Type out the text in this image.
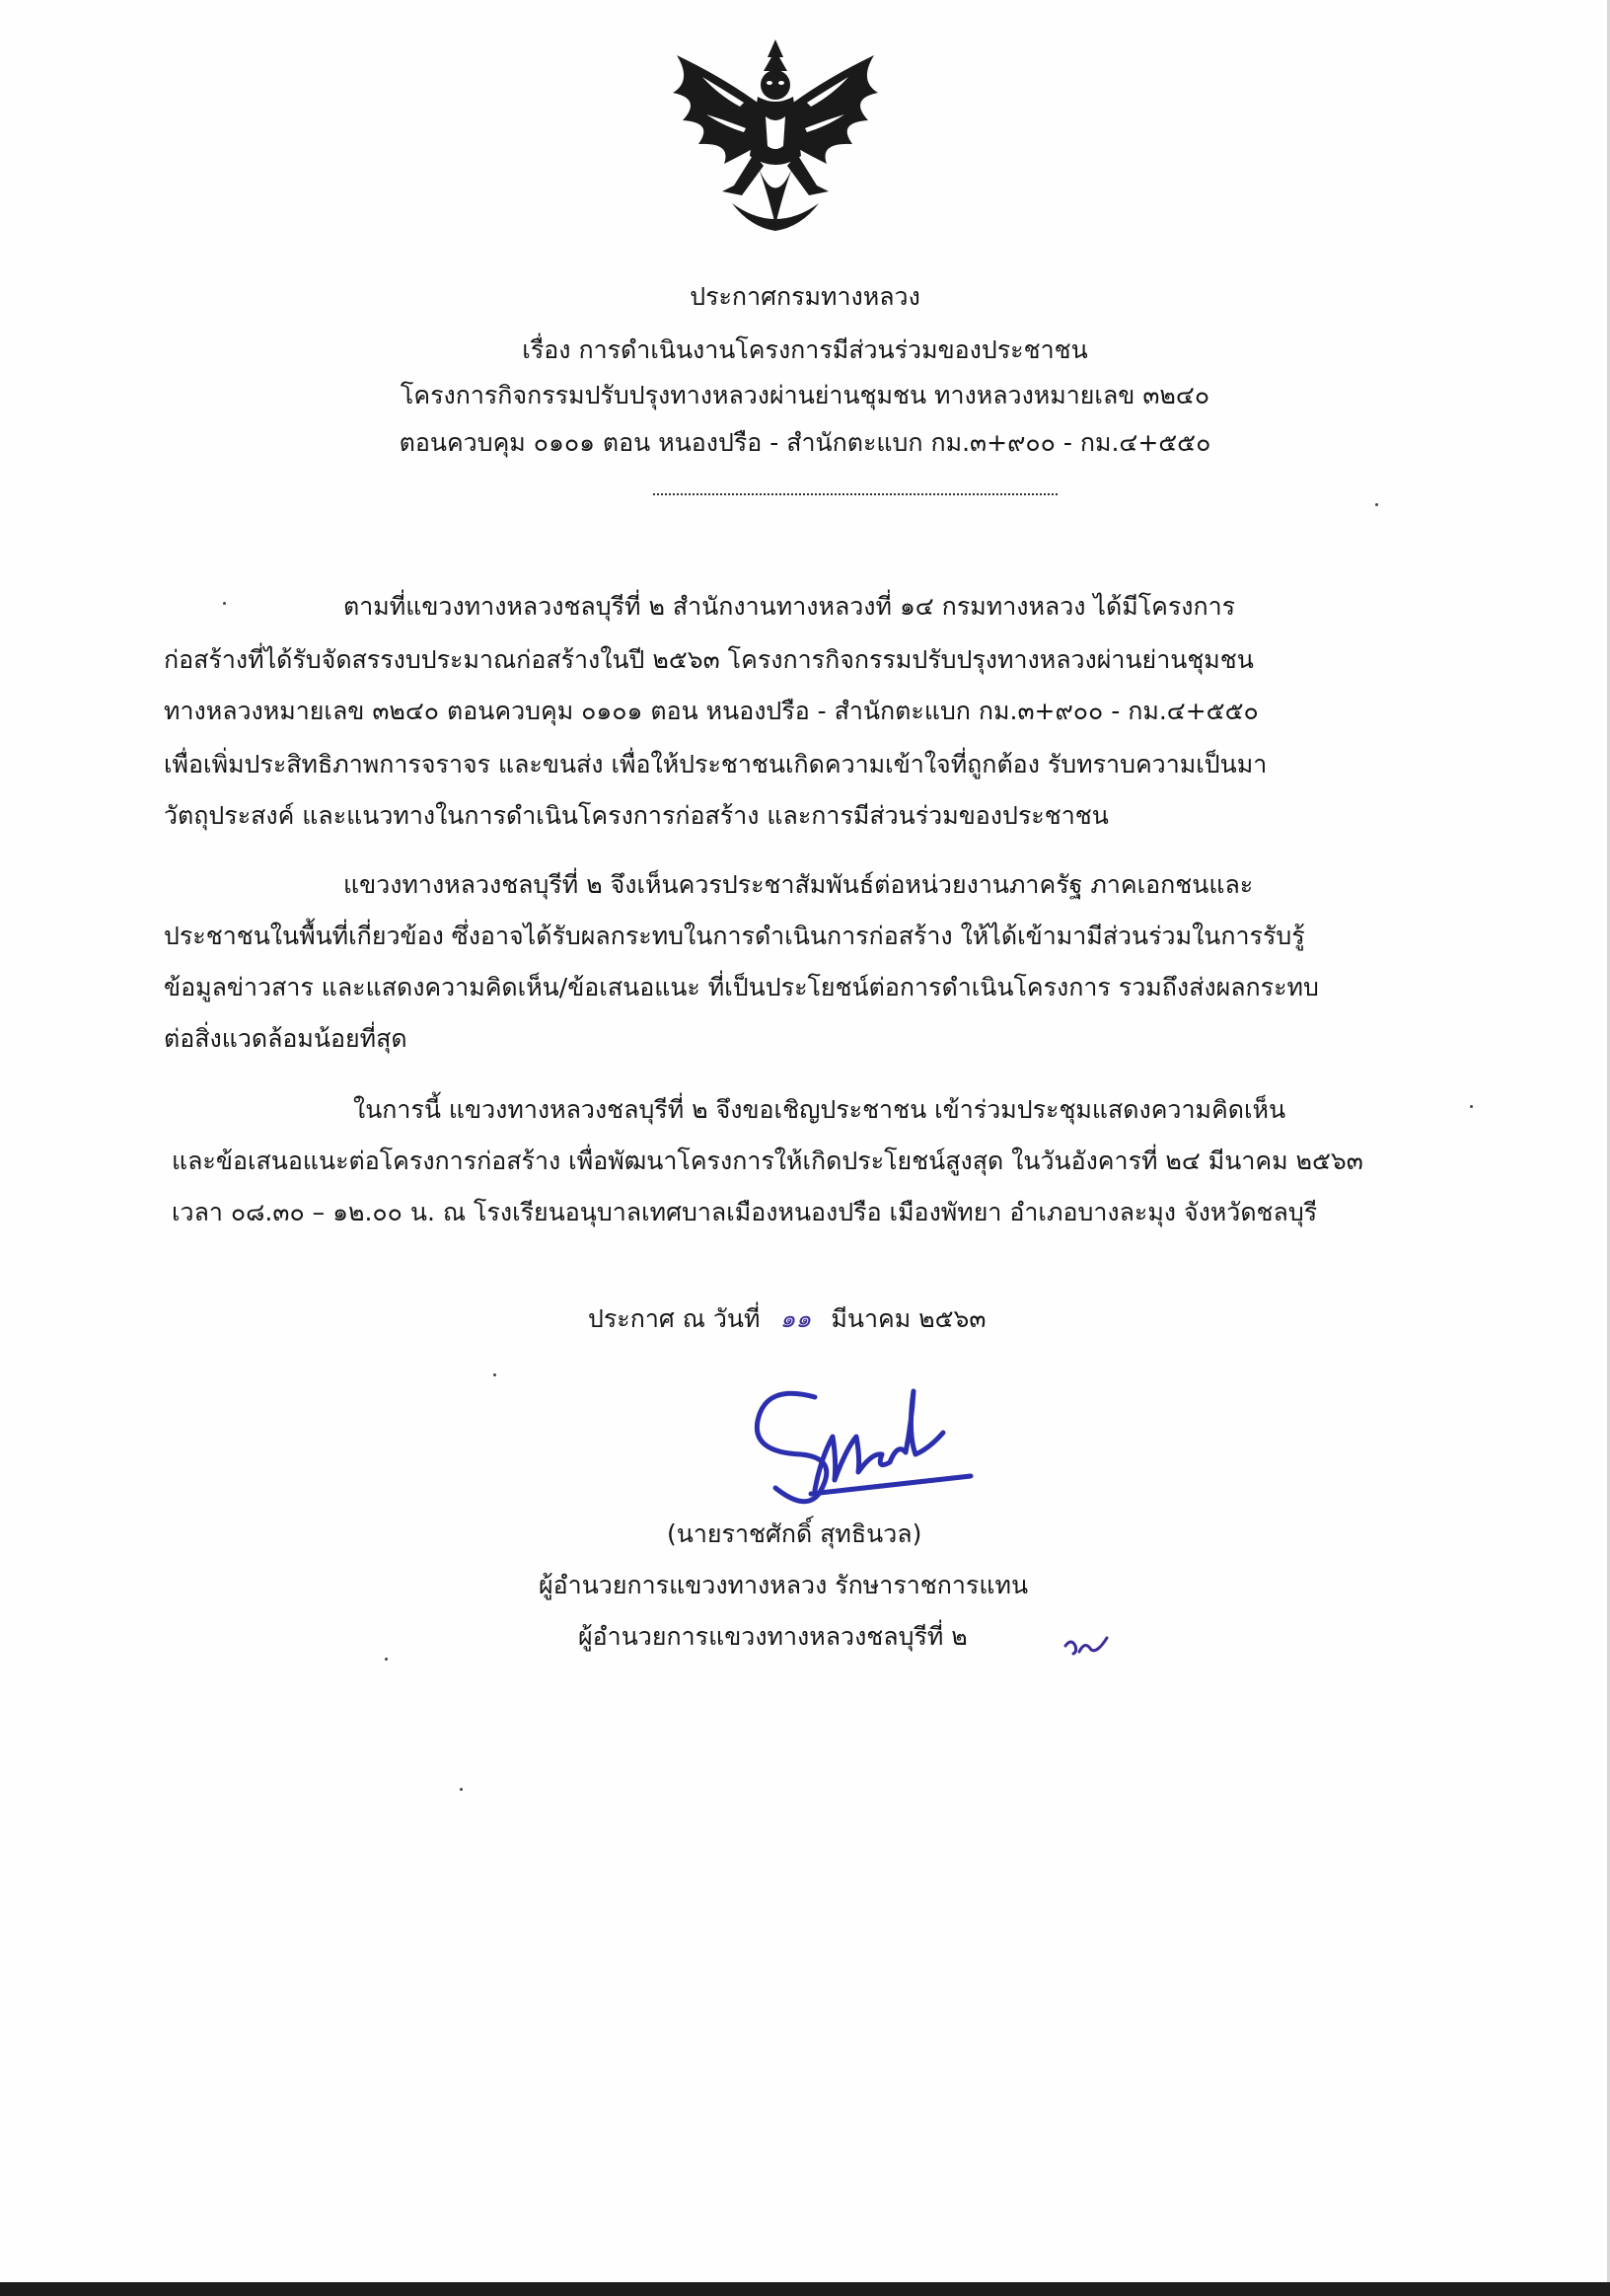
ประกาศกรมทางหลวง
เรื่อง การดำเนินงานโครงการมีส่วนร่วมของประชาชน
โครงการกิจกรรมปรับปรุงทางหลวงผ่านย่านชุมชน ทางหลวงหมายเลข ๓๒๔๐
ตอนควบคุม ๐๑๐๑ ตอน หนองปรือ - สำนักตะแบก กม.๓+๙๐๐ - กม.๔+๕๕๐
ตามที่แขวงทางหลวงชลบุรีที่ ๒ สำนักงานทางหลวงที่ ๑๔ กรมทางหลวง ได้มีโครงการ
ก่อสร้างที่ได้รับจัดสรรงบประมาณก่อสร้างในปี ๒๕๖๓ โครงการกิจกรรมปรับปรุงทางหลวงผ่านย่านชุมชน
ทางหลวงหมายเลข ๓๒๔๐ ตอนควบคุม ๐๑๐๑ ตอน หนองปรือ - สำนักตะแบก กม.๓+๙๐๐ - กม.๔+๕๕๐
เพื่อเพิ่มประสิทธิภาพการจราจร และขนส่ง เพื่อให้ประชาชนเกิดความเข้าใจที่ถูกต้อง รับทราบความเป็นมา
วัตถุประสงค์ และแนวทางในการดำเนินโครงการก่อสร้าง และการมีส่วนร่วมของประชาชน
แขวงทางหลวงชลบุรีที่ ๒ จึงเห็นควรประชาสัมพันธ์ต่อหน่วยงานภาครัฐ ภาคเอกชนและ
ประชาชนในพื้นที่เกี่ยวข้อง ซึ่งอาจได้รับผลกระทบในการดำเนินการก่อสร้าง ให้ได้เข้ามามีส่วนร่วมในการรับรู้
ข้อมูลข่าวสาร และแสดงความคิดเห็น/ข้อเสนอแนะ ที่เป็นประโยชน์ต่อการดำเนินโครงการ รวมถึงส่งผลกระทบ
ต่อสิ่งแวดล้อมน้อยที่สุด
ในการนี้ แขวงทางหลวงชลบุรีที่ ๒ จึงขอเชิญประชาชน เข้าร่วมประชุมแสดงความคิดเห็น
และข้อเสนอแนะต่อโครงการก่อสร้าง เพื่อพัฒนาโครงการให้เกิดประโยชน์สูงสุด ในวันอังคารที่ ๒๔ มีนาคม ๒๕๖๓
เวลา ๐๘.๓๐ – ๑๒.๐๐ น. ณ โรงเรียนอนุบาลเทศบาลเมืองหนองปรือ เมืองพัทยา อำเภอบางละมุง จังหวัดชลบุรี
ประกาศ ณ วันที่ ๑๑ มีนาคม ๒๕๖๓
(นายราชศักดิ์ สุทธินวล)
ผู้อำนวยการแขวงทางหลวง รักษาราชการแทน
ผู้อำนวยการแขวงทางหลวงชลบุรีที่ ๒
